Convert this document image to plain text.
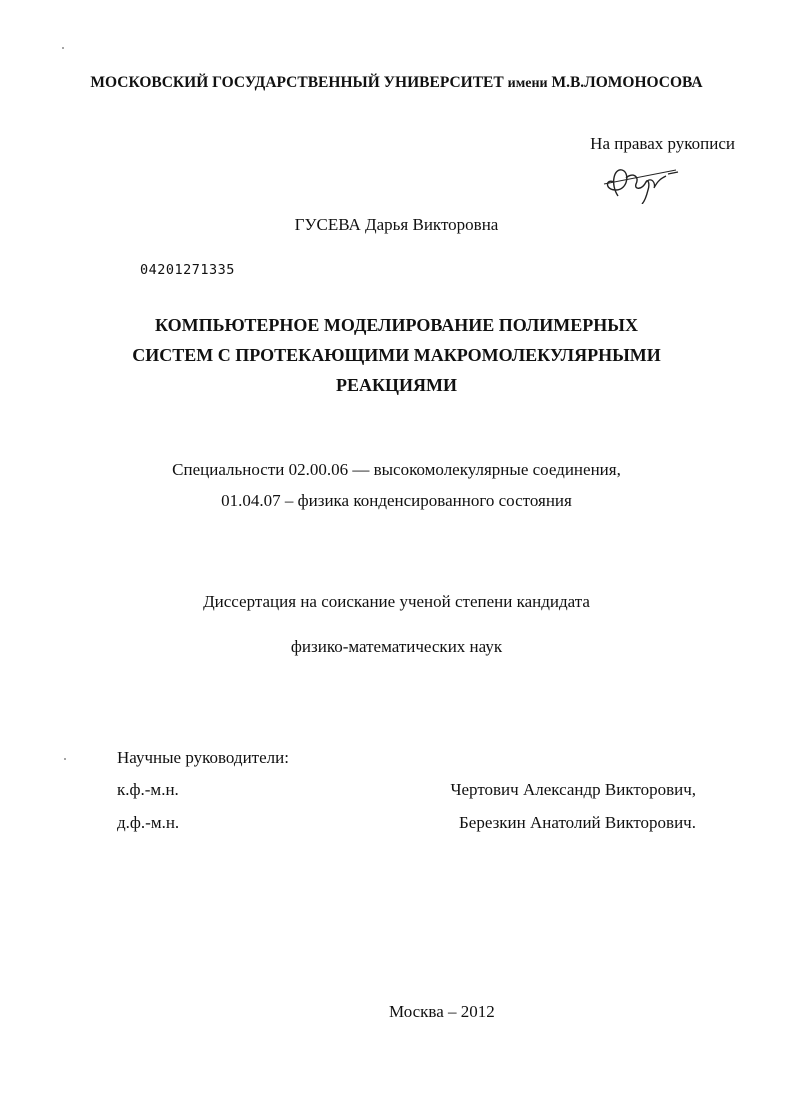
МОСКОВСКИЙ ГОСУДАРСТВЕННЫЙ УНИВЕРСИТЕТ имени М.В.ЛОМОНОСОВА
На правах рукописи
ГУСЕВА Дарья Викторовна
04201271335
КОМПЬЮТЕРНОЕ МОДЕЛИРОВАНИЕ ПОЛИМЕРНЫХ
СИСТЕМ С ПРОТЕКАЮЩИМИ МАКРОМОЛЕКУЛЯРНЫМИ
РЕАКЦИЯМИ
Специальности 02.00.06 — высокомолекулярные соединения,
01.04.07 – физика конденсированного состояния
Диссертация на соискание ученой степени кандидата
физико-математических наук
Научные руководители:
к.ф.-м.н.	Чертович Александр Викторович,
д.ф.-м.н.	Березкин Анатолий Викторович.
Москва – 2012
